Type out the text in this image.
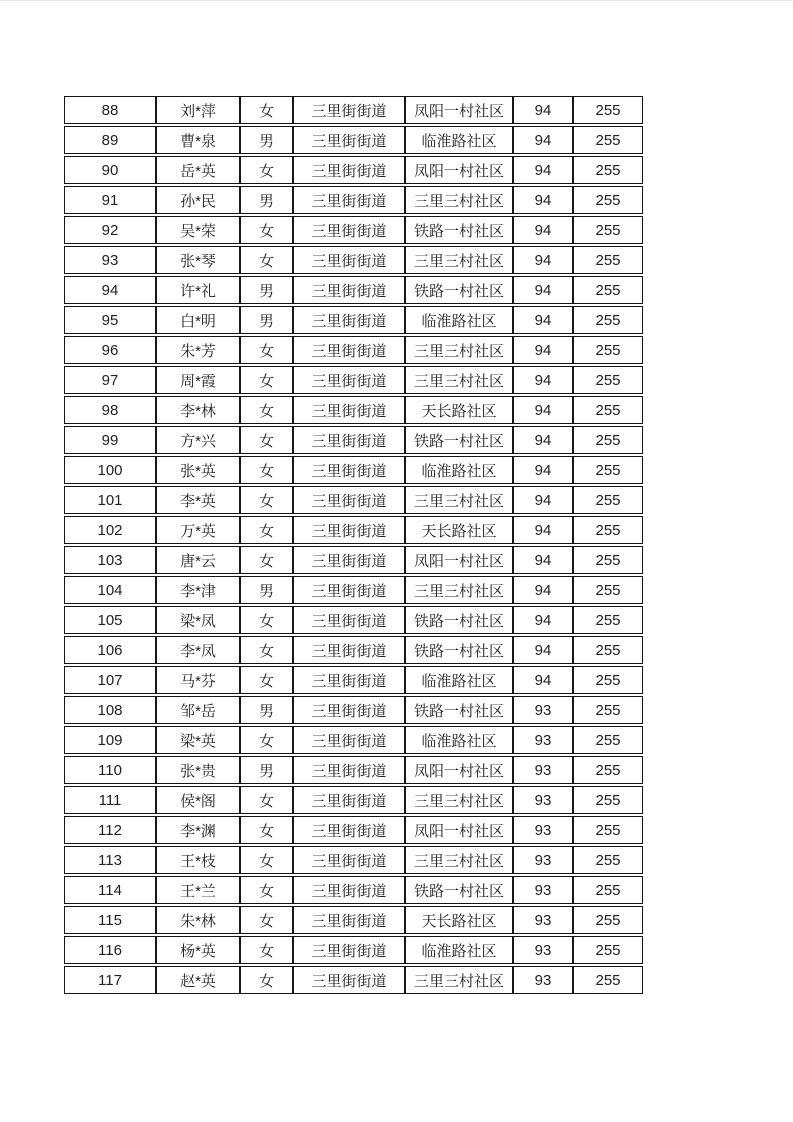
88	刘*萍	女	三里街街道	凤阳一村社区	94	255
89	曹*泉	男	三里街街道	临淮路社区	94	255
90	岳*英	女	三里街街道	凤阳一村社区	94	255
91	孙*民	男	三里街街道	三里三村社区	94	255
92	吴*荣	女	三里街街道	铁路一村社区	94	255
93	张*琴	女	三里街街道	三里三村社区	94	255
94	许*礼	男	三里街街道	铁路一村社区	94	255
95	白*明	男	三里街街道	临淮路社区	94	255
96	朱*芳	女	三里街街道	三里三村社区	94	255
97	周*霞	女	三里街街道	三里三村社区	94	255
98	李*林	女	三里街街道	天长路社区	94	255
99	方*兴	女	三里街街道	铁路一村社区	94	255
100	张*英	女	三里街街道	临淮路社区	94	255
101	李*英	女	三里街街道	三里三村社区	94	255
102	万*英	女	三里街街道	天长路社区	94	255
103	唐*云	女	三里街街道	凤阳一村社区	94	255
104	李*津	男	三里街街道	三里三村社区	94	255
105	梁*凤	女	三里街街道	铁路一村社区	94	255
106	李*凤	女	三里街街道	铁路一村社区	94	255
107	马*芬	女	三里街街道	临淮路社区	94	255
108	邹*岳	男	三里街街道	铁路一村社区	93	255
109	梁*英	女	三里街街道	临淮路社区	93	255
110	张*贵	男	三里街街道	凤阳一村社区	93	255
111	侯*阁	女	三里街街道	三里三村社区	93	255
112	李*渊	女	三里街街道	凤阳一村社区	93	255
113	王*枝	女	三里街街道	三里三村社区	93	255
114	王*兰	女	三里街街道	铁路一村社区	93	255
115	朱*林	女	三里街街道	天长路社区	93	255
116	杨*英	女	三里街街道	临淮路社区	93	255
117	赵*英	女	三里街街道	三里三村社区	93	255
